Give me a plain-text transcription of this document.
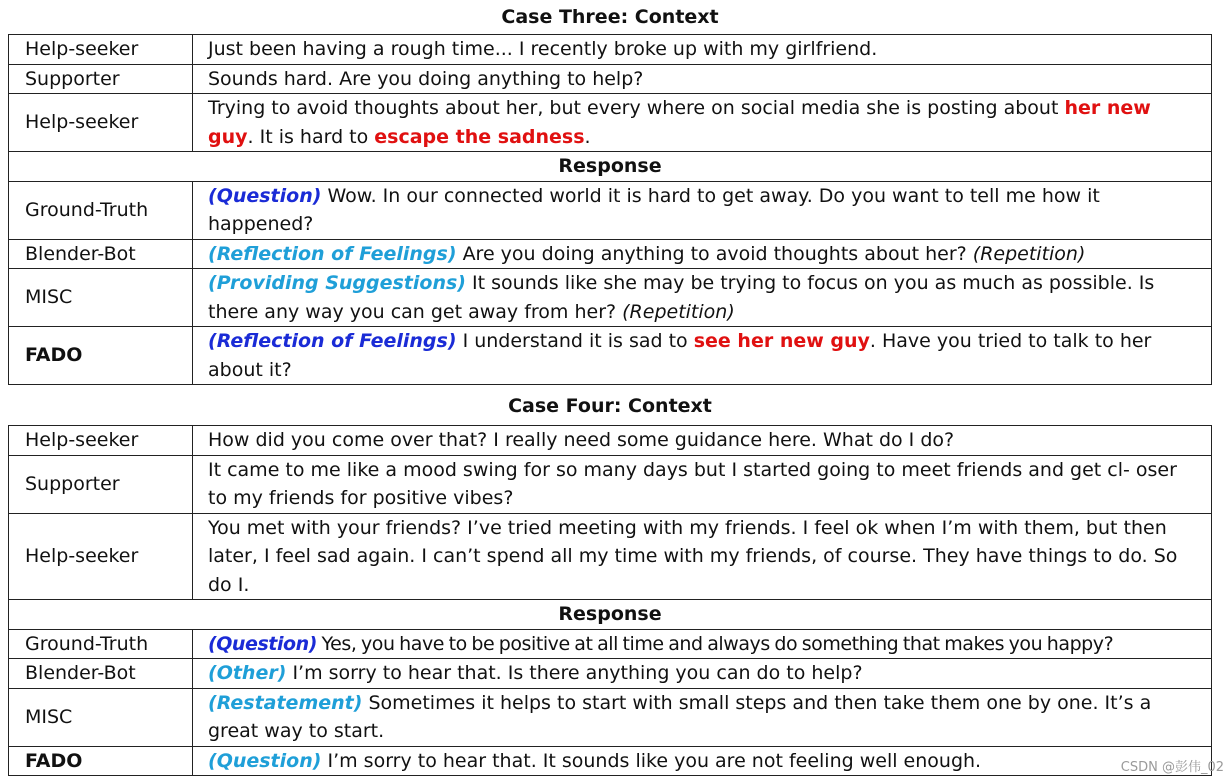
Case Three: Context
Help-seeker	Just been having a rough time... I recently broke up with my girlfriend.
Supporter	Sounds hard. Are you doing anything to help?
Help-seeker	Trying to avoid thoughts about her, but every where on social media she is posting about her new guy. It is hard to escape the sadness.
Response	
Ground-Truth	(Question) Wow. In our connected world it is hard to get away. Do you want to tell me how it happened?
Blender-Bot	(Reflection of Feelings) Are you doing anything to avoid thoughts about her? (Repetition)
MISC	(Providing Suggestions) It sounds like she may be trying to focus on you as much as possible. Is there any way you can get away from her? (Repetition)
FADO	(Reflection of Feelings) I understand it is sad to see her new guy. Have you tried to talk to her about it?
Case Four: Context
Help-seeker	How did you come over that? I really need some guidance here. What do I do?
Supporter	It came to me like a mood swing for so many days but I started going to meet friends and get cl- oser to my friends for positive vibes?
Help-seeker	You met with your friends? I’ve tried meeting with my friends. I feel ok when I’m with them, but then later, I feel sad again. I can’t spend all my time with my friends, of course. They have things to do. So do I.
Response	
Ground-Truth	(Question) Yes, you have to be positive at all time and always do something that makes you happy?
Blender-Bot	(Other) I’m sorry to hear that. Is there anything you can do to help?
MISC	(Restatement) Sometimes it helps to start with small steps and then take them one by one. It’s a great way to start.
FADO	(Question) I’m sorry to hear that. It sounds like you are not feeling well enough.	CSDN @彭伟_02
